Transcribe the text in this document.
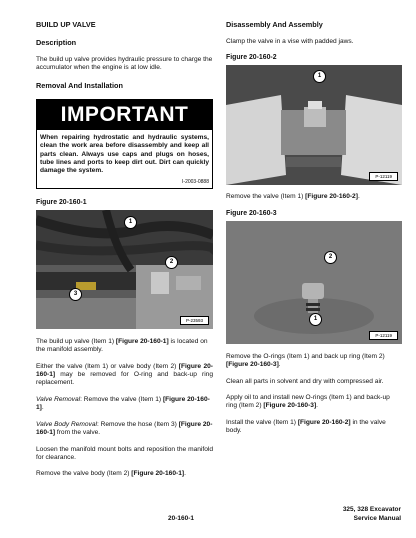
BUILD UP VALVE
Description
The build up valve provides hydraulic pressure to charge the accumulator when the engine is at low idle.
Removal And Installation
IMPORTANT
When repairing hydrostatic and hydraulic systems, clean the work area before disassembly and keep all parts clean. Always use caps and plugs on hoses, tube lines and ports to keep dirt out. Dirt can quickly damage the system.
I-2003-0888
Figure 20-160-1
1
2
3
P-23593
The build up valve (Item 1) [Figure 20-160-1] is located on the manifold assembly.
Either the valve (Item 1) or valve body (Item 2) [Figure 20-160-1] may be removed for O-ring and back-up ring replacement.
Valve Removal: Remove the valve (Item 1) [Figure 20-160-1].
Valve Body Removal: Remove the hose (Item 3) [Figure 20-160-1] from the valve.
Loosen the manifold mount bolts and reposition the manifold for clearance.
Remove the valve body (Item 2) [Figure 20-160-1].
Disassembly And Assembly
Clamp the valve in a vise with padded jaws.
Figure 20-160-2
1
P-12119
Remove the valve (Item 1) [Figure 20-160-2].
Figure 20-160-3
2
1
P-12119
Remove the O-rings (Item 1) and back up ring (Item 2) [Figure 20-160-3].
Clean all parts in solvent and dry with compressed air.
Apply oil to and install new O-rings (Item 1) and back-up ring (Item 2) [Figure 20-160-3].
Install the valve (Item 1) [Figure 20-160-2] in the valve body.
20-160-1
325, 328 Excavator
Service Manual
